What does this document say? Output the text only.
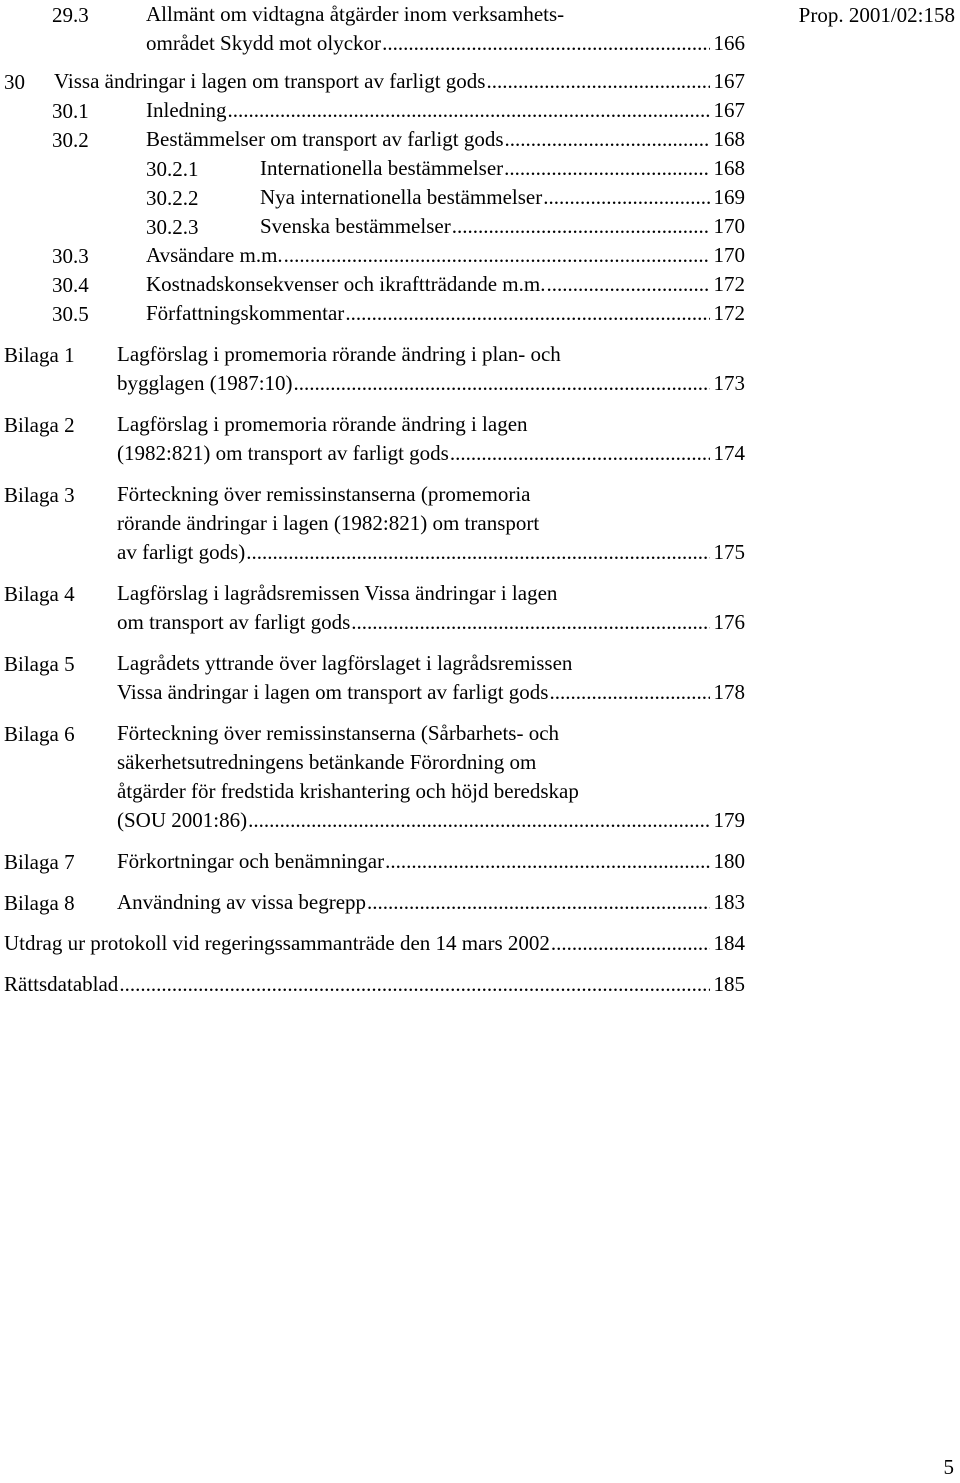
Prop. 2001/02:158
29.3	Allmänt om vidtagna åtgärder inom verksamhets-
området Skydd mot olyckor .....	166
30 Vissa ändringar i lagen om transport av farligt gods .....	167
30.1	Inledning .....	167
30.2	Bestämmelser om transport av farligt gods .....	168
30.2.1	Internationella bestämmelser .....	168
30.2.2	Nya internationella bestämmelser .....	169
30.2.3	Svenska bestämmelser .....	170
30.3	Avsändare m.m. .....	170
30.4	Kostnadskonsekvenser och ikraftträdande m.m. .....	172
30.5	Författningskommentar .....	172
Bilaga 1 Lagförslag i promemoria rörande ändring i plan- och
bygglagen (1987:10) .....	173
Bilaga 2 Lagförslag i promemoria rörande ändring i lagen
(1982:821) om transport av farligt gods .....	174
Bilaga 3 Förteckning över remissinstanserna (promemoria
rörande ändringar i lagen (1982:821) om transport
av farligt gods) .....	175
Bilaga 4 Lagförslag i lagrådsremissen Vissa ändringar i lagen
om transport av farligt gods .....	176
Bilaga 5 Lagrådets yttrande över lagförslaget i lagrådsremissen
Vissa ändringar i lagen om transport av farligt gods .....	178
Bilaga 6 Förteckning över remissinstanserna (Sårbarhets- och
säkerhetsutredningens betänkande Förordning om
åtgärder för fredstida krishantering och höjd beredskap
(SOU 2001:86) .....	179
Bilaga 7 Förkortningar och benämningar .....	180
Bilaga 8 Användning av vissa begrepp .....	183
Utdrag ur protokoll vid regeringssammanträde den 14 mars 2002 .....	184
Rättsdatablad .....	185
5
